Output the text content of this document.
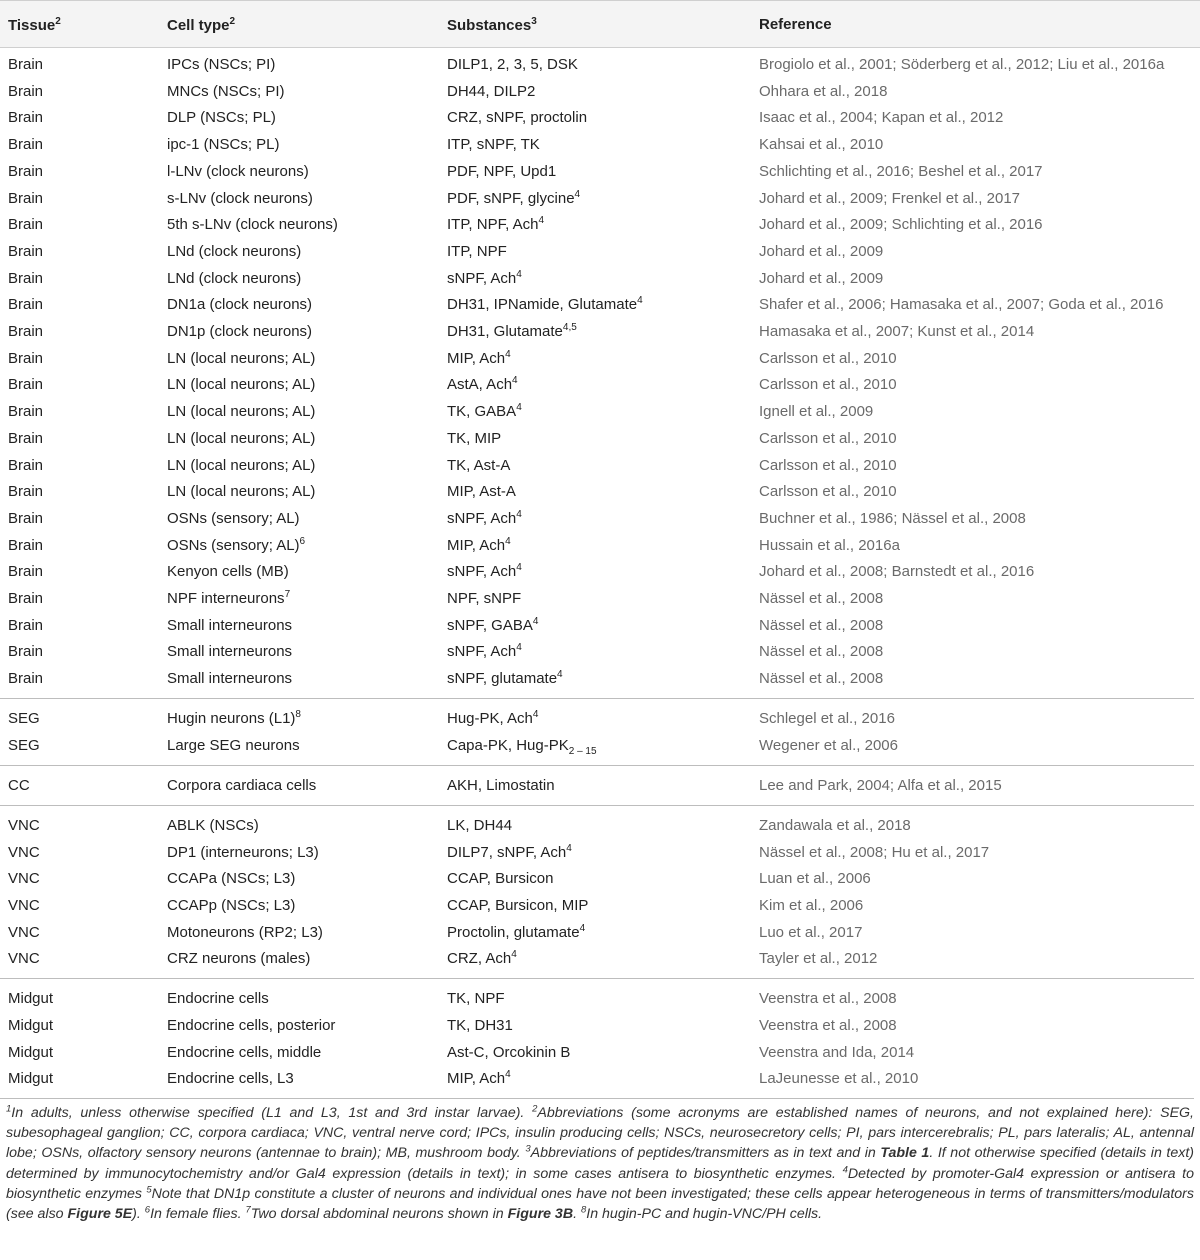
Tissue$^2$	Cell type$^2$	Substances$^3$	Reference
Brain	IPCs (NSCs; PI)	DILP1, 2, 3, 5, DSK	Brogiolo et al., 2001; Söderberg et al., 2012; Liu et al., 2016a
Brain	MNCs (NSCs; PI)	DH44, DILP2	Ohhara et al., 2018
Brain	DLP (NSCs; PL)	CRZ, sNPF, proctolin	Isaac et al., 2004; Kapan et al., 2012
Brain	ipc-1 (NSCs; PL)	ITP, sNPF, TK	Kahsai et al., 2010
Brain	l-LNv (clock neurons)	PDF, NPF, Upd1	Schlichting et al., 2016; Beshel et al., 2017
Brain	s-LNv (clock neurons)	PDF, sNPF, glycine$^4$	Johard et al., 2009; Frenkel et al., 2017
Brain	5th s-LNv (clock neurons)	ITP, NPF, Ach$^4$	Johard et al., 2009; Schlichting et al., 2016
Brain	LNd (clock neurons)	ITP, NPF	Johard et al., 2009
Brain	LNd (clock neurons)	sNPF, Ach$^4$	Johard et al., 2009
Brain	DN1a (clock neurons)	DH31, IPNamide, Glutamate$^4$	Shafer et al., 2006; Hamasaka et al., 2007; Goda et al., 2016
Brain	DN1p (clock neurons)	DH31, Glutamate$^{4,5}$	Hamasaka et al., 2007; Kunst et al., 2014
Brain	LN (local neurons; AL)	MIP, Ach$^4$	Carlsson et al., 2010
Brain	LN (local neurons; AL)	AstA, Ach$^4$	Carlsson et al., 2010
Brain	LN (local neurons; AL)	TK, GABA$^4$	Ignell et al., 2009
Brain	LN (local neurons; AL)	TK, MIP	Carlsson et al., 2010
Brain	LN (local neurons; AL)	TK, Ast-A	Carlsson et al., 2010
Brain	LN (local neurons; AL)	MIP, Ast-A	Carlsson et al., 2010
Brain	OSNs (sensory; AL)	sNPF, Ach$^4$	Buchner et al., 1986; Nässel et al., 2008
Brain	OSNs (sensory; AL)$^6$	MIP, Ach$^4$	Hussain et al., 2016a
Brain	Kenyon cells (MB)	sNPF, Ach$^4$	Johard et al., 2008; Barnstedt et al., 2016
Brain	NPF interneurons$^7$	NPF, sNPF	Nässel et al., 2008
Brain	Small interneurons	sNPF, GABA$^4$	Nässel et al., 2008
Brain	Small interneurons	sNPF, Ach$^4$	Nässel et al., 2008
Brain	Small interneurons	sNPF, glutamate$^4$	Nässel et al., 2008
SEG	Hugin neurons $(L1)^8$	Hug-PK, Ach$^4$	Schlegel et al., 2016
SEG	Large SEG neurons	Capa-PK, Hug-$PK_{2 - 15}$	Wegener et al., 2006
CC	Corpora cardiaca cells	AKH, Limostatin	Lee and Park, 2004; Alfa et al., 2015
VNC	ABLK (NSCs)	LK, DH44	Zandawala et al., 2018
VNC	DP1 (interneurons; L3)	DILP7, sNPF, Ach$^4$	Nässel et al., 2008; Hu et al., 2017
VNC	CCAPa (NSCs; L3)	CCAP, Bursicon	Luan et al., 2006
VNC	CCAPp (NSCs; L3)	CCAP, Bursicon, MIP	Kim et al., 2006
VNC	Motoneurons (RP2; L3)	Proctolin, glutamate$^4$	Luo et al., 2017
VNC	CRZ neurons (males)	CRZ, Ach$^4$	Tayler et al., 2012
Midgut	Endocrine cells	TK, NPF	Veenstra et al., 2008
Midgut	Endocrine cells, posterior	TK, DH31	Veenstra et al., 2008
Midgut	Endocrine cells, middle	Ast-C, Orcokinin B	Veenstra and Ida, 2014
Midgut	Endocrine cells, L3	MIP, Ach$^4$	LaJeunesse et al., 2010
$^1$In adults, unless otherwise specified (L1 and L3, 1st and 3rd instar larvae). $^2$Abbreviations (some acronyms are established names of neurons, and not explained here): SEG, subesophageal ganglion; CC, corpora cardiaca; VNC, ventral nerve cord; IPCs, insulin producing cells; NSCs, neurosecretory cells; PI, pars intercerebralis; PL, pars lateralis; AL, antennal lobe; OSNs, olfactory sensory neurons (antennae to brain); MB, mushroom body. $^3$Abbreviations of peptides/transmitters as in text and in Table 1. If not otherwise specified (details in text) determined by immunocytochemistry and/or Gal4 expression (details in text); in some cases antisera to biosynthetic enzymes. $^4$Detected by promoter-Gal4 expression or antisera to biosynthetic enzymes $^5$Note that DN1p constitute a cluster of neurons and individual ones have not been investigated; these cells appear heterogeneous in terms of transmitters/modulators (see also Figure 5E). $^6$In female flies. $^7$Two dorsal abdominal neurons shown in Figure 3B. $^8$In hugin-PC and hugin-VNC/PH cells.
